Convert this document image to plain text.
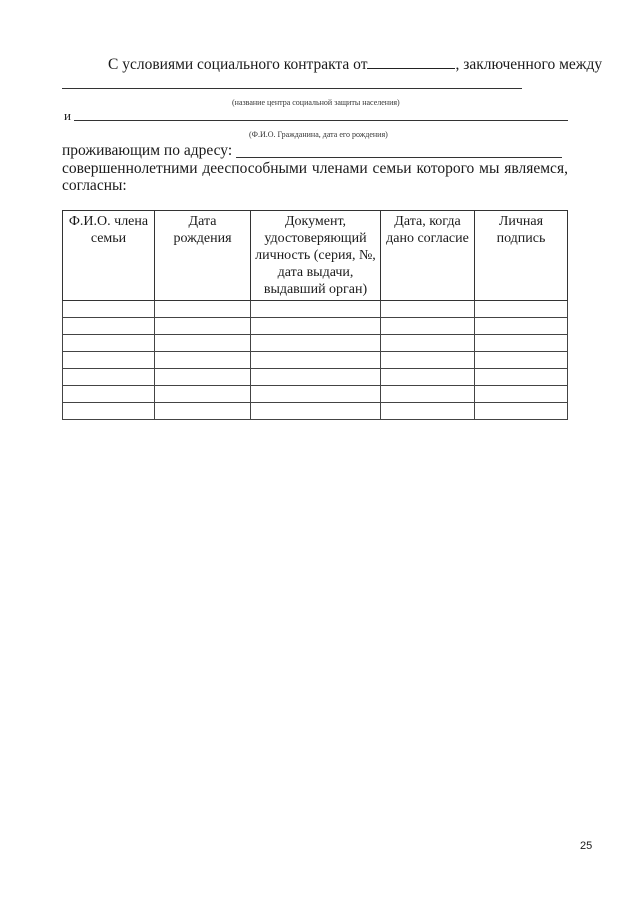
С условиями социального контракта от	, заключенного между
(название центра социальной защиты населения)
и
(Ф.И.О. Гражданина, дата его рождения)
проживающим по адресу:
совершеннолетними дееспособными членами семьи которого мы являемся,
согласны:
Ф.И.О. члена семьи	Дата рождения	Документ, удостоверяющий личность (серия, №, дата выдачи, выдавший орган)	Дата, когда дано согласие	Личная подпись

25
